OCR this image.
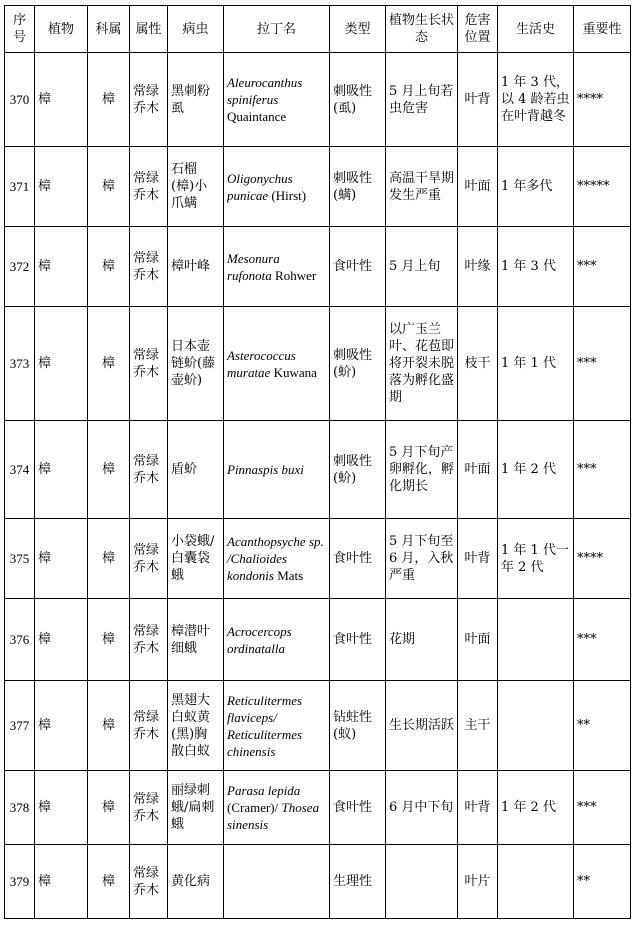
序号	植物	科属	属性	病虫	拉丁名	类型	植物生长状态	危害位置	生活史	重要性
370	樟	樟	常绿乔木	黑刺粉虱	Aleurocanthus spiniferus Quaintance	刺吸性(虱)	5 月上旬若虫危害	叶背	1 年 3 代，以 4 龄若虫在叶背越冬	****
371	樟	樟	常绿乔木	石榴(樟)小爪螨	Oligonychus punicae (Hirst)	刺吸性(螨)	高温干旱期发生严重	叶面	1 年多代	*****
372	樟	樟	常绿乔木	樟叶峰	Mesonura rufonota Rohwer	食叶性	5 月上旬	叶缘	1 年 3 代	***
373	樟	樟	常绿乔木	日本壶链蚧(藤壶蚧)	Asterococcus muratae Kuwana	刺吸性(蚧)	以广玉兰叶、花苞即将开裂未脱落为孵化盛期	枝干	1 年 1 代	***
374	樟	樟	常绿乔木	盾蚧	Pinnaspis buxi	刺吸性(蚧)	5 月下旬产卵孵化，孵化期长	叶面	1 年 2 代	***
375	樟	樟	常绿乔木	小袋蛾/白囊袋蛾	Acanthopsyche sp. /Chalioides kondonis Mats	食叶性	5 月下旬至 6 月，入秋严重	叶背	1 年 1 代一年 2 代	****
376	樟	樟	常绿乔木	樟潜叶细蛾	Acrocercops ordinatalla	食叶性	花期	叶面		***
377	樟	樟	常绿乔木	黑翅大白蚁黄(黑)胸散白蚁	Reticulitermes flaviceps/ Reticulitermes chinensis	钻蛀性(蚁)	生长期活跃	主干		**
378	樟	樟	常绿乔木	丽绿刺蛾/扁刺蛾	Parasa lepida (Cramer)/ Thosea sinensis	食叶性	6 月中下旬	叶背	1 年 2 代	***
379	樟	樟	常绿乔木	黄化病		生理性		叶片		**
